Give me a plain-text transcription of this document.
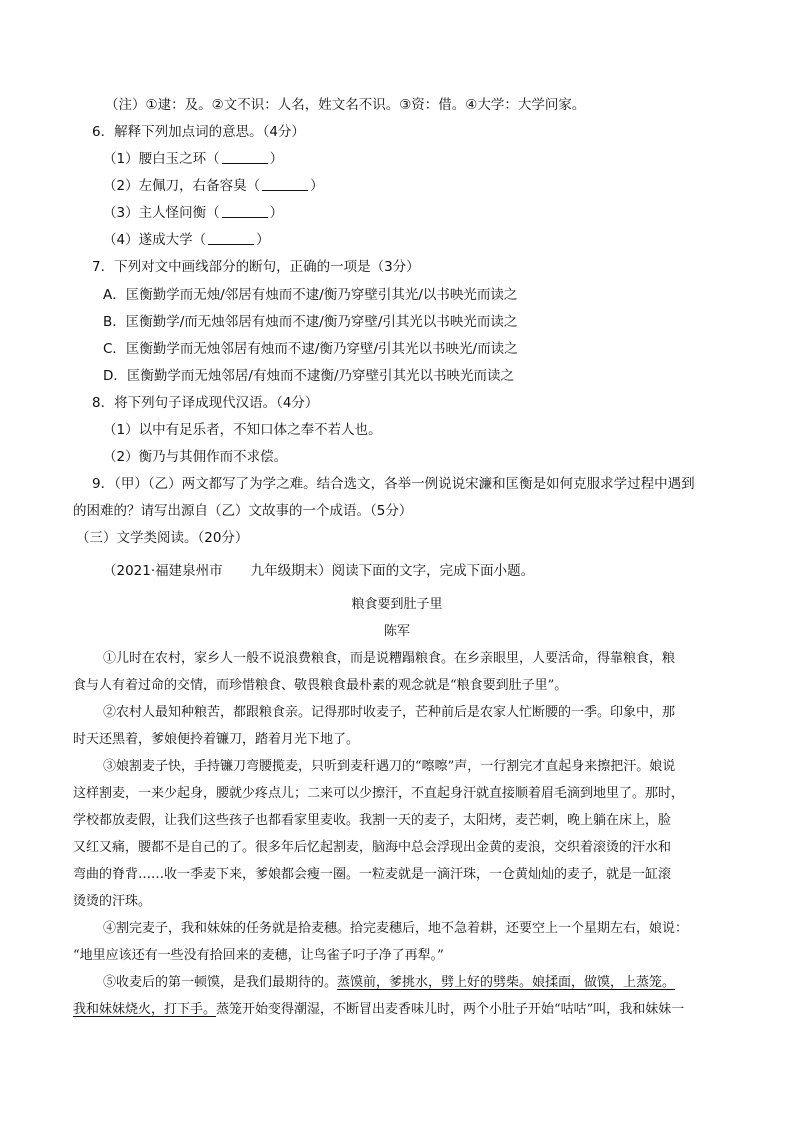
（注）①逮：及。②文不识：人名，姓文名不识。③资：借。④大学：大学问家。
6．解释下列加点词的意思。（4分）
（1）腰白玉之环（	）
（2）左佩刀，右备容臭（	）
（3）主人怪问衡（	）
（4）遂成大学（	）
7．下列对文中画线部分的断句，正确的一项是（3分）
A．匡衡勤学而无烛/邻居有烛而不逮/衡乃穿壁引其光/以书映光而读之
B．匡衡勤学/而无烛邻居有烛而不逮/衡乃穿壁/引其光以书映光而读之
C．匡衡勤学而无烛邻居有烛而不逮/衡乃穿壁/引其光以书映光/而读之
D．匡衡勤学而无烛邻居/有烛而不逮衡/乃穿壁引其光以书映光而读之
8．将下列句子译成现代汉语。（4分）
（1）以中有足乐者，不知口体之奉不若人也。
（2）衡乃与其佣作而不求偿。
9．（甲）（乙）两文都写了为学之难。结合选文，各举一例说说宋濂和匡衡是如何克服求学过程中遇到
的困难的？请写出源自（乙）文故事的一个成语。（5分）
（三）文学类阅读。（20分）
（2021·福建泉州市 九年级期末）阅读下面的文字，完成下面小题。
粮食要到肚子里
陈军
①儿时在农村，家乡人一般不说浪费粮食，而是说糟蹋粮食。在乡亲眼里，人要活命，得靠粮食，粮
食与人有着过命的交情，而珍惜粮食、敬畏粮食最朴素的观念就是“粮食要到肚子里”。
②农村人最知种粮苦，都跟粮食亲。记得那时收麦子，芒种前后是农家人忙断腰的一季。印象中，那
时天还黑着，爹娘便拎着镰刀，踏着月光下地了。
③娘割麦子快，手持镰刀弯腰揽麦，只听到麦秆遇刀的“嚓嚓”声，一行割完才直起身来擦把汗。娘说
这样割麦，一来少起身，腰就少疼点儿；二来可以少擦汗，不直起身汗就直接顺着眉毛滴到地里了。那时，
学校都放麦假，让我们这些孩子也都看家里麦收。我割一天的麦子，太阳烤，麦芒刺，晚上躺在床上，脸
又红又痛，腰都不是自己的了。很多年后忆起割麦，脑海中总会浮现出金黄的麦浪，交织着滚烫的汗水和
弯曲的脊背……收一季麦下来，爹娘都会瘦一圈。一粒麦就是一滴汗珠，一仓黄灿灿的麦子，就是一缸滚
烫烫的汗珠。
④割完麦子，我和妹妹的任务就是拾麦穗。拾完麦穗后，地不急着耕，还要空上一个星期左右，娘说：
“地里应该还有一些没有拾回来的麦穗，让鸟雀子叼子净了再犁。”
⑤收麦后的第一顿馍，是我们最期待的。蒸馍前，爹挑水，劈上好的劈柴。娘揉面，做馍，上蒸笼。
我和妹妹烧火，打下手。蒸笼开始变得潮湿，不断冒出麦香味儿时，两个小肚子开始“咕咕”叫，我和妹妹一
